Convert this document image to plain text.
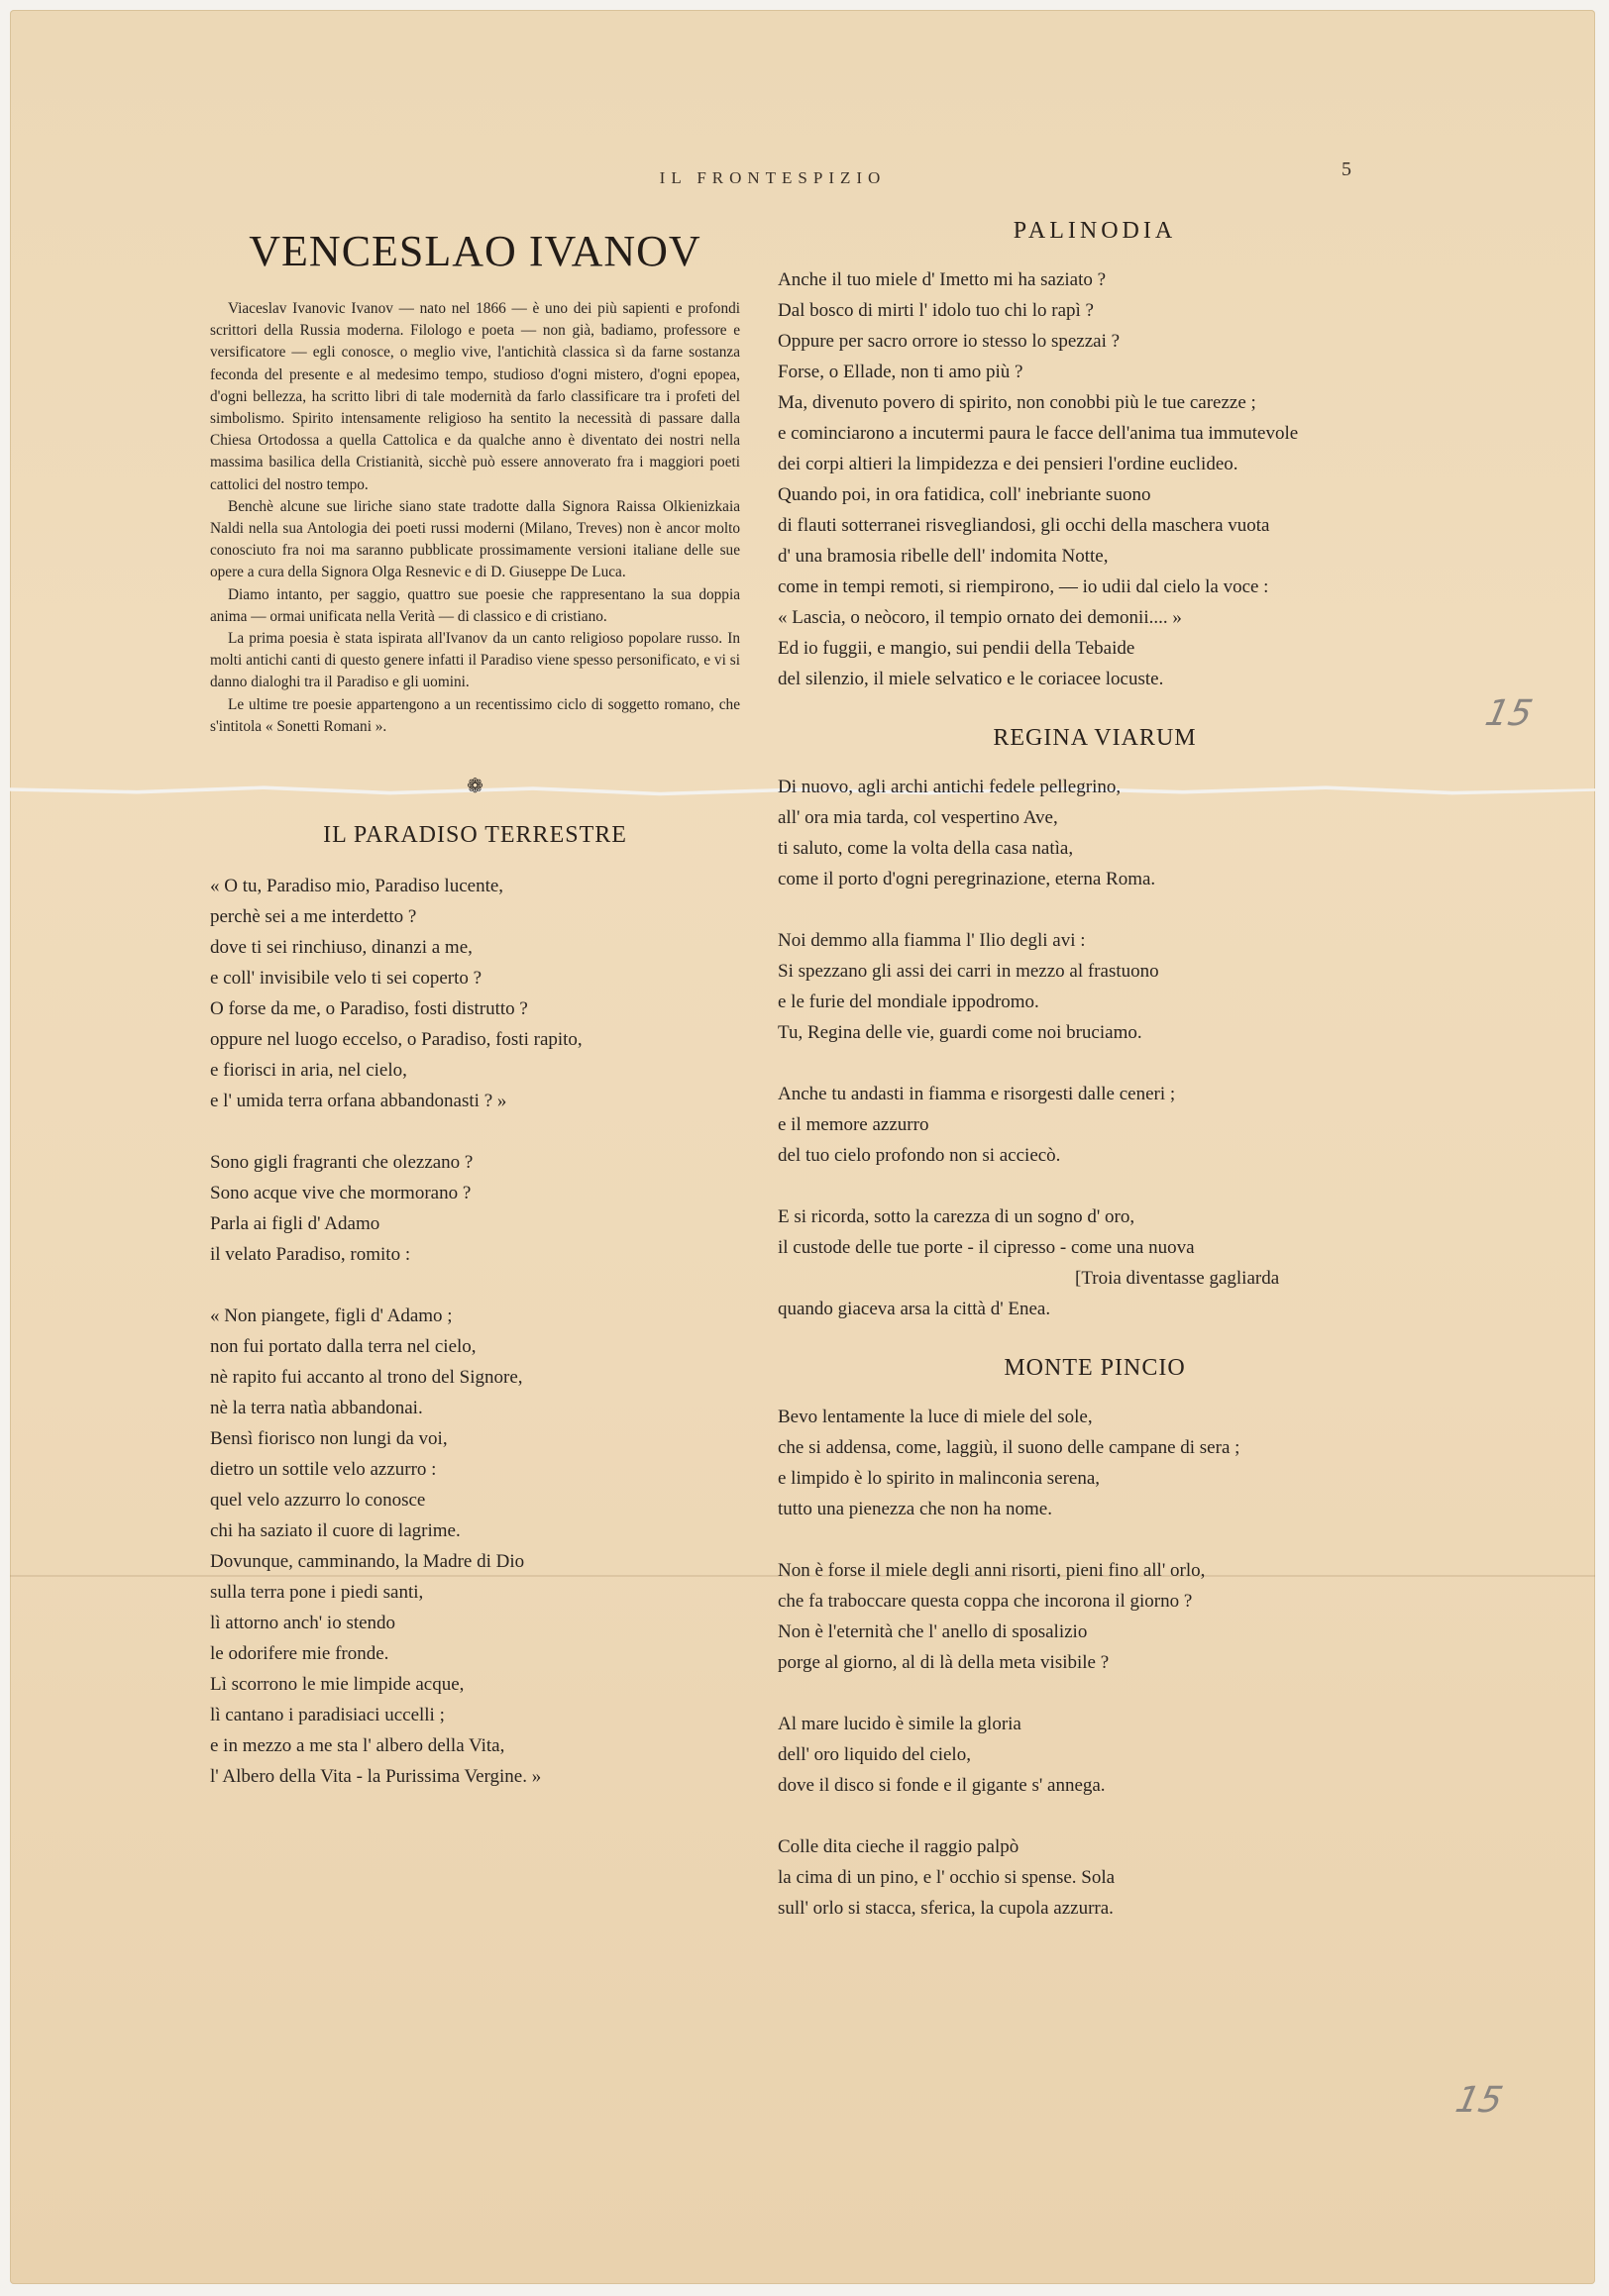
IL FRONTESPIZIO	5
VENCESLAO IVANOV

Viaceslav Ivanovic Ivanov — nato nel 1866 — è uno dei più sapienti e profondi scrittori della Russia moderna. Filologo e poeta — non già, badiamo, professore e versificatore — egli conosce, o meglio vive, l'antichità classica sì da farne sostanza feconda del presente e al medesimo tempo, studioso d'ogni mistero, d'ogni epopea, d'ogni bellezza, ha scritto libri di tale modernità da farlo classificare tra i profeti del simbolismo. Spirito intensamente religioso ha sentito la necessità di passare dalla Chiesa Ortodossa a quella Cattolica e da qualche anno è diventato dei nostri nella massima basilica della Cristianità, sicchè può essere annoverato fra i maggiori poeti cattolici del nostro tempo.

Benchè alcune sue liriche siano state tradotte dalla Signora Raissa Olkienizkaia Naldi nella sua Antologia dei poeti russi moderni (Milano, Treves) non è ancor molto conosciuto fra noi ma saranno pubblicate prossimamente versioni italiane delle sue opere a cura della Signora Olga Resnevic e di D. Giuseppe De Luca.

Diamo intanto, per saggio, quattro sue poesie che rappresentano la sua doppia anima — ormai unificata nella Verità — di classico e di cristiano.

La prima poesia è stata ispirata all'Ivanov da un canto religioso popolare russo. In molti antichi canti di questo genere infatti il Paradiso viene spesso personificato, e vi si danno dialoghi tra il Paradiso e gli uomini.

Le ultime tre poesie appartengono a un recentissimo ciclo di soggetto romano, che s'intitola « Sonetti Romani ».

❁
IL PARADISO TERRESTRE
« O tu, Paradiso mio, Paradiso lucente,
perchè sei a me interdetto ?
dove ti sei rinchiuso, dinanzi a me,
e coll' invisibile velo ti sei coperto ?
O forse da me, o Paradiso, fosti distrutto ?
oppure nel luogo eccelso, o Paradiso, fosti rapito,
e fiorisci in aria, nel cielo,
e l' umida terra orfana abbandonasti ? »
Sono gigli fragranti che olezzano ?
Sono acque vive che mormorano ?
Parla ai figli d' Adamo
il velato Paradiso, romito :
« Non piangete, figli d' Adamo ;
non fui portato dalla terra nel cielo,
nè rapito fui accanto al trono del Signore,
nè la terra natìa abbandonai.
Bensì fiorisco non lungi da voi,
dietro un sottile velo azzurro :
quel velo azzurro lo conosce
chi ha saziato il cuore di lagrime.
Dovunque, camminando, la Madre di Dio
sulla terra pone i piedi santi,
lì attorno anch' io stendo
le odorifere mie fronde.
Lì scorrono le mie limpide acque,
lì cantano i paradisiaci uccelli ;
e in mezzo a me sta l' albero della Vita,
l' Albero della Vita - la Purissima Vergine. »
PALINODIA
Anche il tuo miele d' Imetto mi ha saziato ?
Dal bosco di mirti l' idolo tuo chi lo rapì ?
Oppure per sacro orrore io stesso lo spezzai ?
Forse, o Ellade, non ti amo più ?
Ma, divenuto povero di spirito, non conobbi più le tue carezze ;
e cominciarono a incutermi paura le facce dell'anima tua immutevole
dei corpi altieri la limpidezza e dei pensieri l'ordine euclideo.
Quando poi, in ora fatidica, coll' inebriante suono
di flauti sotterranei risvegliandosi, gli occhi della maschera vuota
d' una bramosia ribelle dell' indomita Notte,
come in tempi remoti, si riempirono, — io udii dal cielo la voce :
« Lascia, o neòcoro, il tempio ornato dei demonii.... »
Ed io fuggii, e mangio, sui pendii della Tebaide
del silenzio, il miele selvatico e le coriacee locuste.
REGINA VIARUM
Di nuovo, agli archi antichi fedele pellegrino,
all' ora mia tarda, col vespertino Ave,
ti saluto, come la volta della casa natìa,
come il porto d'ogni peregrinazione, eterna Roma.
Noi demmo alla fiamma l' Ilio degli avi :
Si spezzano gli assi dei carri in mezzo al frastuono
e le furie del mondiale ippodromo.
Tu, Regina delle vie, guardi come noi bruciamo.
Anche tu andasti in fiamma e risorgesti dalle ceneri ;
e il memore azzurro
del tuo cielo profondo non si acciecò.
E si ricorda, sotto la carezza di un sogno d' oro,
il custode delle tue porte - il cipresso - come una nuova
[Troia diventasse gagliarda
quando giaceva arsa la città d' Enea.
MONTE PINCIO
Bevo lentamente la luce di miele del sole,
che si addensa, come, laggiù, il suono delle campane di sera ;
e limpido è lo spirito in malinconia serena,
tutto una pienezza che non ha nome.
Non è forse il miele degli anni risorti, pieni fino all' orlo,
che fa traboccare questa coppa che incorona il giorno ?
Non è l'eternità che l' anello di sposalizio
porge al giorno, al di là della meta visibile ?
Al mare lucido è simile la gloria
dell' oro liquido del cielo,
dove il disco si fonde e il gigante s' annega.
Colle dita cieche il raggio palpò
la cima di un pino, e l' occhio si spense. Sola
sull' orlo si stacca, sferica, la cupola azzurra.
15
15
